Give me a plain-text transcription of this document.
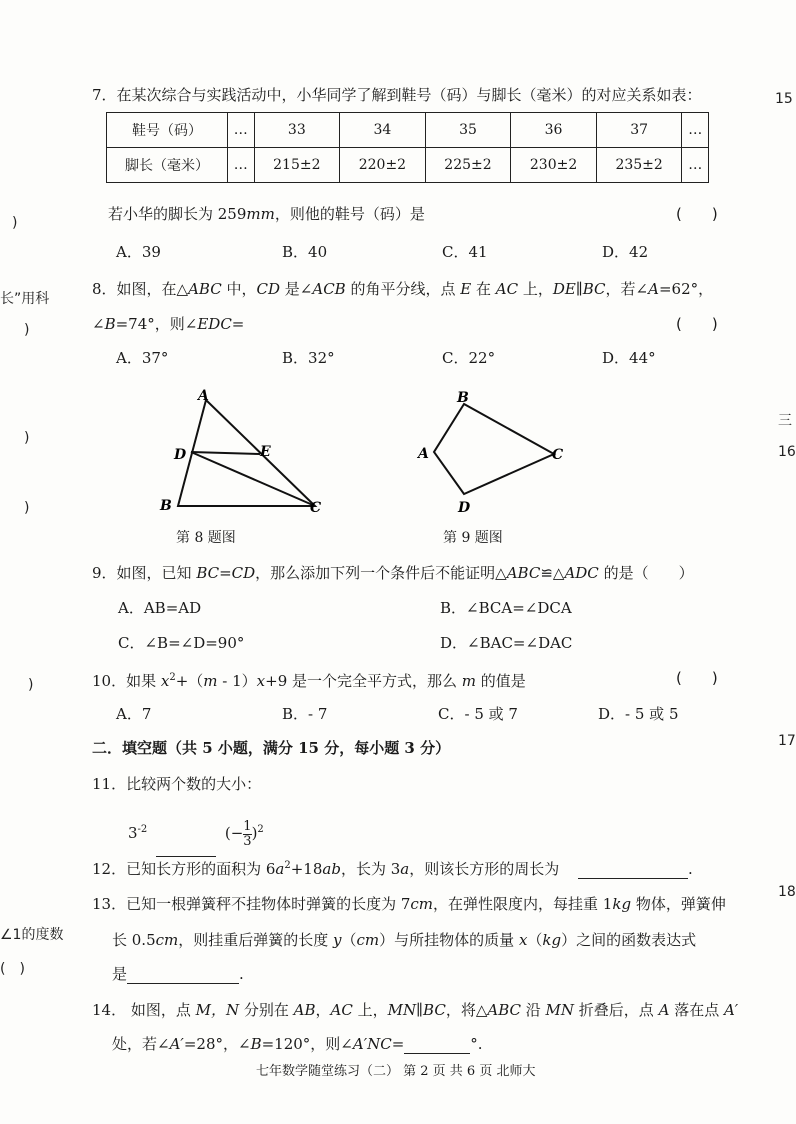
)
长”用科
)
)
)
)
∠1的度数
(　)
15
三
16
17
18
7．在某次综合与实践活动中，小华同学了解到鞋号（码）与脚长（毫米）的对应关系如表：
鞋号（码）	…	33	34	35	36	37	…
脚长（毫米）	…	215±2	220±2	225±2	230±2	235±2	…
若小华的脚长为 259mm，则他的鞋号（码）是	(　　)
A．39	B．40	C．41	D．42
8．如图，在△ABC 中，CD 是∠ACB 的角平分线，点 E 在 AC 上，DE∥BC，若∠A=62°，
∠B=74°，则∠EDC=	(　　)
A．37°	B．32°	C．22°	D．44°
A
D	E
B	C
第 8 题图
B
A	C
D
第 9 题图
9．如图，已知 BC=CD，那么添加下列一个条件后不能证明△ABC≌△ADC 的是（　　）
A．AB=AD	B．∠BCA=∠DCA
C．∠B=∠D=90°	D．∠BAC=∠DAC
10．如果 $x^2+(m - 1)x+9$ 是一个完全平方式，那么 m 的值是	(　　)
A．7	B．- 7	C．- 5 或 7	D．- 5 或 5
二．填空题（共 5 小题，满分 15 分，每小题 3 分）
11．比较两个数的大小：
$3^{-2}$	$(-\frac{1}{3} )^2$
12．已知长方形的面积为 $6a^2+18ab$，长为 3a，则该长方形的周长为	.
13．已知一根弹簧秤不挂物体时弹簧的长度为 7cm，在弹性限度内，每挂重 1kg 物体，弹簧伸
长 0.5cm，则挂重后弹簧的长度 y（cm）与所挂物体的质量 x（kg）之间的函数表达式
是	.
14． 如图，点 M，N 分别在 AB，AC 上，MN∥BC，将△ABC 沿 MN 折叠后，点 A 落在点 A′
处，若∠A′=28°，∠B=120°，则∠A′NC=	°.
七年数学随堂练习（二） 第 2 页 共 6 页 北师大
